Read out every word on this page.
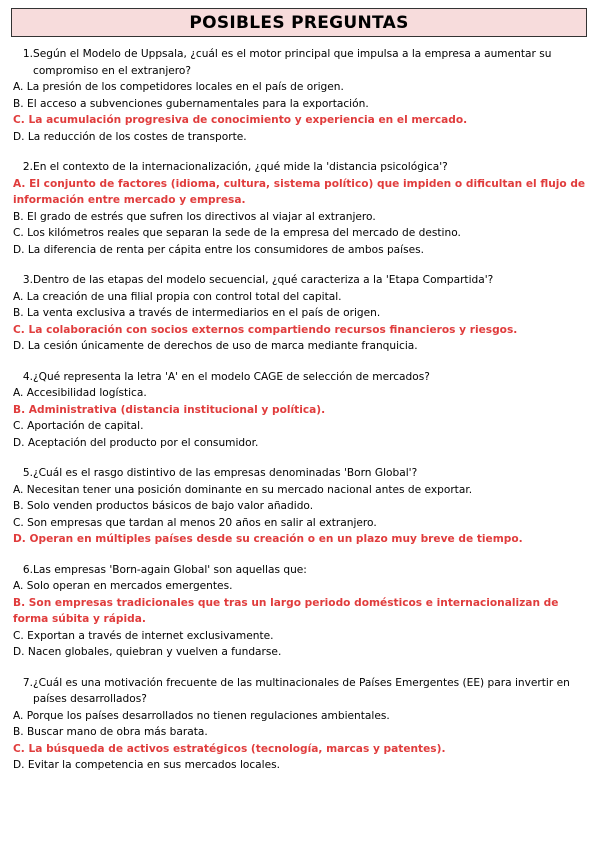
POSIBLES PREGUNTAS
1. Según el Modelo de Uppsala, ¿cuál es el motor principal que impulsa a la empresa a aumentar su compromiso en el extranjero?
A. La presión de los competidores locales en el país de origen.
B. El acceso a subvenciones gubernamentales para la exportación.
C. La acumulación progresiva de conocimiento y experiencia en el mercado.
D. La reducción de los costes de transporte.
2. En el contexto de la internacionalización, ¿qué mide la 'distancia psicológica'?
A. El conjunto de factores (idioma, cultura, sistema político) que impiden o dificultan el flujo de información entre mercado y empresa.
B. El grado de estrés que sufren los directivos al viajar al extranjero.
C. Los kilómetros reales que separan la sede de la empresa del mercado de destino.
D. La diferencia de renta per cápita entre los consumidores de ambos países.
3. Dentro de las etapas del modelo secuencial, ¿qué caracteriza a la 'Etapa Compartida'?
A. La creación de una filial propia con control total del capital.
B. La venta exclusiva a través de intermediarios en el país de origen.
C. La colaboración con socios externos compartiendo recursos financieros y riesgos.
D. La cesión únicamente de derechos de uso de marca mediante franquicia.
4. ¿Qué representa la letra 'A' en el modelo CAGE de selección de mercados?
A. Accesibilidad logística.
B. Administrativa (distancia institucional y política).
C. Aportación de capital.
D. Aceptación del producto por el consumidor.
5. ¿Cuál es el rasgo distintivo de las empresas denominadas 'Born Global'?
A. Necesitan tener una posición dominante en su mercado nacional antes de exportar.
B. Solo venden productos básicos de bajo valor añadido.
C. Son empresas que tardan al menos 20 años en salir al extranjero.
D. Operan en múltiples países desde su creación o en un plazo muy breve de tiempo.
6. Las empresas 'Born-again Global' son aquellas que:
A. Solo operan en mercados emergentes.
B. Son empresas tradicionales que tras un largo periodo domésticos e internacionalizan de forma súbita y rápida.
C. Exportan a través de internet exclusivamente.
D. Nacen globales, quiebran y vuelven a fundarse.
7. ¿Cuál es una motivación frecuente de las multinacionales de Países Emergentes (EE) para invertir en países desarrollados?
A. Porque los países desarrollados no tienen regulaciones ambientales.
B. Buscar mano de obra más barata.
C. La búsqueda de activos estratégicos (tecnología, marcas y patentes).
D. Evitar la competencia en sus mercados locales.
